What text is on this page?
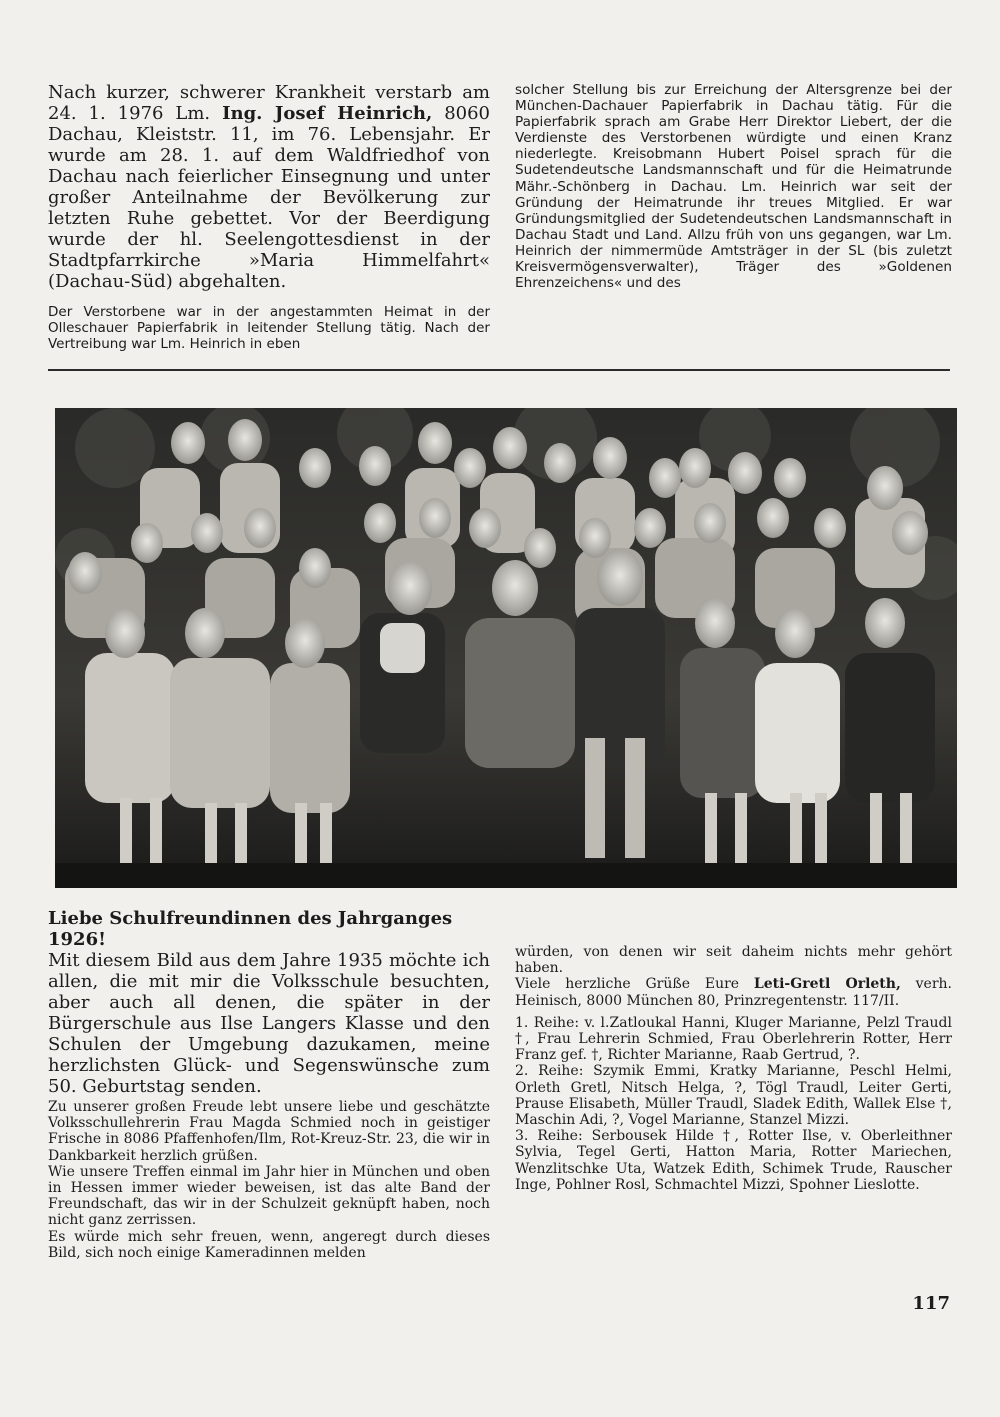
Nach kurzer, schwerer Krankheit verstarb am 24. 1. 1976 Lm. Ing. Josef Heinrich, 8060 Dachau, Kleiststr. 11, im 76. Lebensjahr. Er wurde am 28. 1. auf dem Waldfriedhof von Dachau nach feierlicher Einsegnung und unter großer Anteilnahme der Bevölkerung zur letzten Ruhe gebettet. Vor der Beerdigung wurde der hl. Seelengottesdienst in der Stadtpfarrkirche »Maria Himmelfahrt« (Dachau-Süd) abgehalten.

Der Verstorbene war in der angestammten Heimat in der Olleschauer Papierfabrik in leitender Stellung tätig. Nach der Vertreibung war Lm. Heinrich in eben

solcher Stellung bis zur Erreichung der Altersgrenze bei der München-Dachauer Papierfabrik in Dachau tätig. Für die Papierfabrik sprach am Grabe Herr Direktor Liebert, der die Verdienste des Verstorbenen würdigte und einen Kranz niederlegte. Kreisobmann Hubert Poisel sprach für die Sudetendeutsche Landsmannschaft und für die Heimatrunde Mähr.-Schönberg in Dachau. Lm. Heinrich war seit der Gründung der Heimatrunde ihr treues Mitglied. Er war Gründungsmitglied der Sudetendeutschen Landsmannschaft in Dachau Stadt und Land. Allzu früh von uns gegangen, war Lm. Heinrich der nimmermüde Amtsträger in der SL (bis zuletzt Kreisvermögensverwalter), Träger des »Goldenen Ehrenzeichens« und des

Liebe Schulfreundinnen des Jahrganges 1926!

Mit diesem Bild aus dem Jahre 1935 möchte ich allen, die mit mir die Volksschule besuchten, aber auch all denen, die später in der Bürgerschule aus Ilse Langers Klasse und den Schulen der Umgebung dazukamen, meine herzlichsten Glück- und Segenswünsche zum 50. Geburtstag senden.

Zu unserer großen Freude lebt unsere liebe und geschätzte Volksschullehrerin Frau Magda Schmied noch in geistiger Frische in 8086 Pfaffenhofen/Ilm, Rot-Kreuz-Str. 23, die wir in Dankbarkeit herzlich grüßen.

Wie unsere Treffen einmal im Jahr hier in München und oben in Hessen immer wieder beweisen, ist das alte Band der Freundschaft, das wir in der Schulzeit geknüpft haben, noch nicht ganz zerrissen.

Es würde mich sehr freuen, wenn, angeregt durch dieses Bild, sich noch einige Kameradinnen melden

würden, von denen wir seit daheim nichts mehr gehört haben.

Viele herzliche Grüße Eure Leti-Gretl Orleth, verh. Heinisch, 8000 München 80, Prinzregentenstr. 117/II.

1. Reihe: v. l.Zatloukal Hanni, Kluger Marianne, Pelzl Traudl †, Frau Lehrerin Schmied, Frau Oberlehrerin Rotter, Herr Franz gef. †, Richter Marianne, Raab Gertrud, ?.

2. Reihe: Szymik Emmi, Kratky Marianne, Peschl Helmi, Orleth Gretl, Nitsch Helga, ?, Tögl Traudl, Leiter Gerti, Prause Elisabeth, Müller Traudl, Sladek Edith, Wallek Else †, Maschin Adi, ?, Vogel Marianne, Stanzel Mizzi.

3. Reihe: Serbousek Hilde †, Rotter Ilse, v. Oberleithner Sylvia, Tegel Gerti, Hatton Maria, Rotter Mariechen, Wenzlitschke Uta, Watzek Edith, Schimek Trude, Rauscher Inge, Pohlner Rosl, Schmachtel Mizzi, Spohner Lieslotte.

117
